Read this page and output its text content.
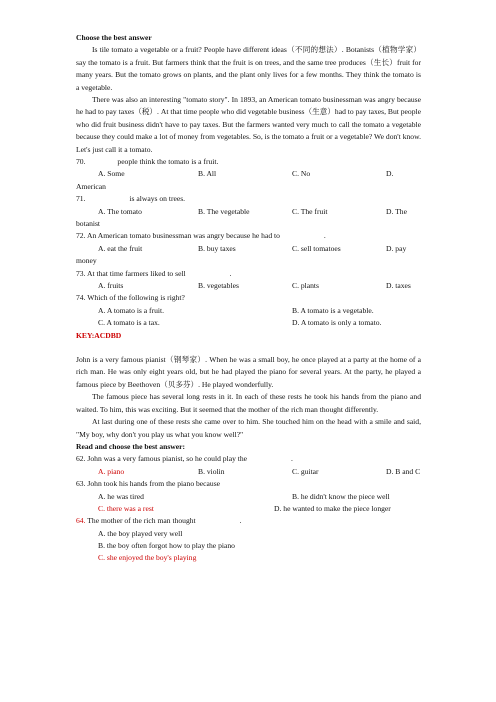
Choose the best answer

Is tile tomato a vegetable or a fruit? People have different ideas（不同的想法）. Botanists（植物学家）say the tomato is a fruit. But farmers think that the fruit is on trees, and the same tree produces（生长）fruit for many years. But the tomato grows on plants, and the plant only lives for a few months. They think the tomato is a vegetable.

There was also an interesting "tomato story". In 1893, an American tomato businessman was angry because he had to pay taxes（税）. At that time people who did vegetable business（生意）had to pay taxes, But people who did fruit business didn't have to pay taxes. But the farmers wanted very much to call the tomato a vegetable because they could make a lot of money from vegetables. So, is the tomato a fruit or a vegetable? We don't know. Let's just call it a tomato.

70.	people think the tomato is a fruit.

A. Some	B. All	C. No	D.

American

71.	is always on trees.

A. The tomato	B. The vegetable	C. The fruit	D. The

botanist

72. An American tomato businessman was angry because he had to	.

A. eat the fruit	B. buy taxes	C. sell tomatoes	D. pay

money

73. At that time farmers liked to sell	.

A. fruits	B. vegetables	C. plants	D. taxes

74. Which of the following is right?

A. A tomato is a fruit.	B. A tomato is a vegetable.
C. A tomato is a tax.	D. A tomato is only a tomato.

KEY:ACDBD

John is a very famous pianist（钢琴家）. When he was a small boy, he once played at a party at the home of a rich man. He was only eight years old, but he had played the piano for several years. At the party, he played a famous piece by Beethoven（贝多芬）. He played wonderfully.

The famous piece has several long rests in it. In each of these rests he took his hands from the piano and waited. To him, this was exciting. But it seemed that the mother of the rich man thought differently.

At last during one of these rests she came over to him. She touched him on the head with a smile and said, "My boy, why don't you play us what you know well?"

Read and choose the best answer:

62. John was a very famous pianist, so he could play the	.

A. piano	B. violin	C. guitar	D. B and C

63. John took his hands from the piano because

A. he was tired	B. he didn't know the piece well
C. there was a rest	D. he wanted to make the piece longer

64. The mother of the rich man thought	.

A. the boy played very well
B. the boy often forgot how to play the piano
C. she enjoyed the boy's playing
